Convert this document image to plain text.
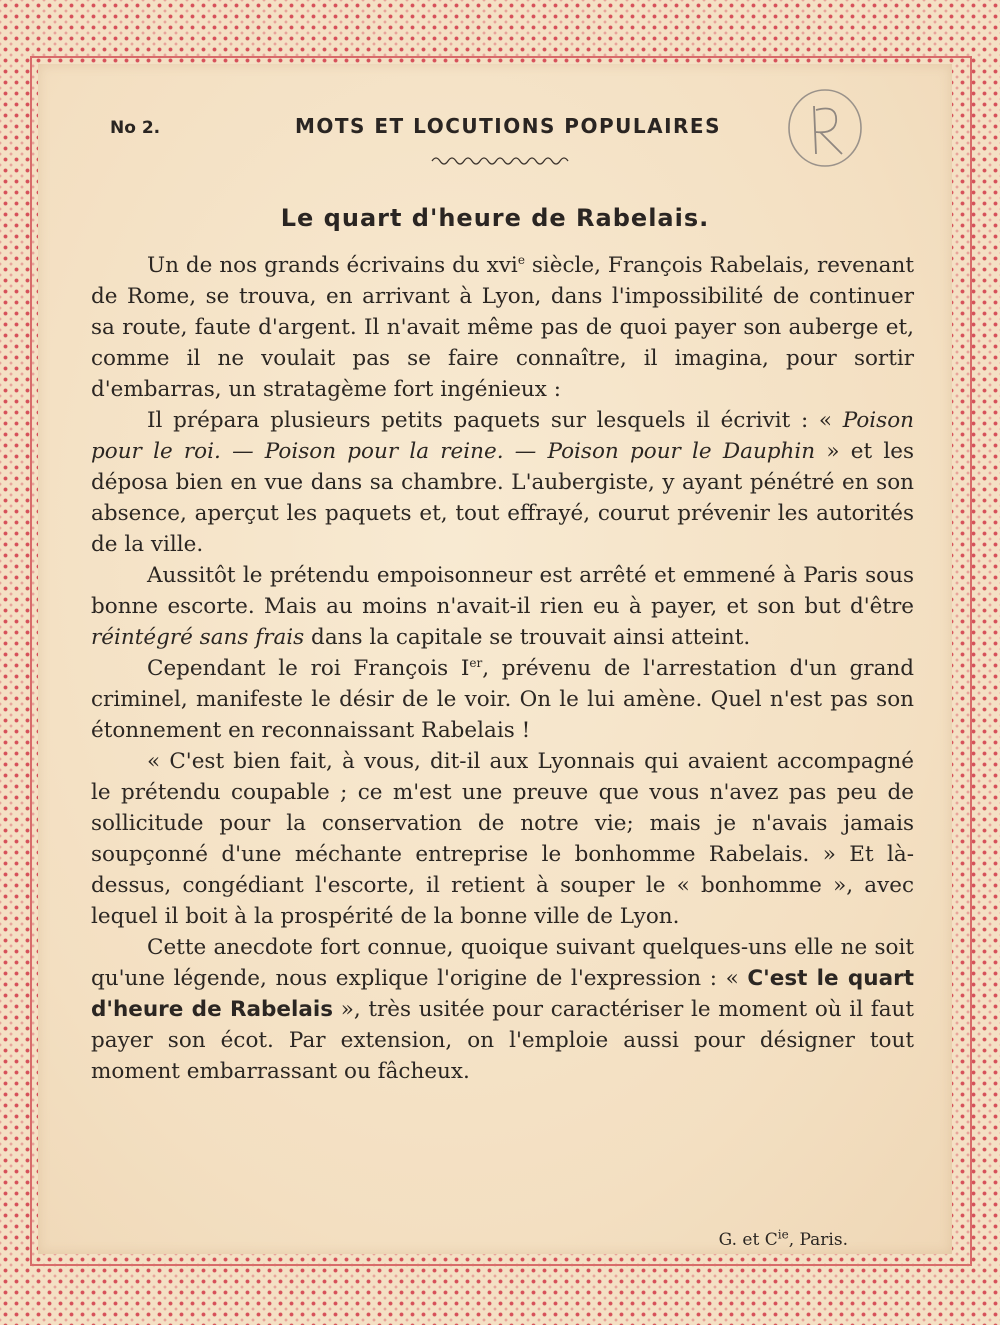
No 2.	MOTS ET LOCUTIONS POPULAIRES
Le quart d'heure de Rabelais.

Un de nos grands écrivains du xvi$^e$ siècle, François Rabelais, revenant de Rome, se trouva, en arrivant à Lyon, dans l'impossibilité de continuer sa route, faute d'argent. Il n'avait même pas de quoi payer son auberge et, comme il ne voulait pas se faire connaître, il imagina, pour sortir d'embarras, un stratagème fort ingénieux :

Il prépara plusieurs petits paquets sur lesquels il écrivit : « Poison pour le roi. — Poison pour la reine. — Poison pour le Dauphin » et les déposa bien en vue dans sa chambre. L'aubergiste, y ayant pénétré en son absence, aperçut les paquets et, tout effrayé, courut prévenir les autorités de la ville.

Aussitôt le prétendu empoisonneur est arrêté et emmené à Paris sous bonne escorte. Mais au moins n'avait-il rien eu à payer, et son but d'être réintégré sans frais dans la capitale se trouvait ainsi atteint.

Cependant le roi François Ier, prévenu de l'arrestation d'un grand criminel, manifeste le désir de le voir. On le lui amène. Quel n'est pas son étonnement en reconnaissant Rabelais !

« C'est bien fait, à vous, dit-il aux Lyonnais qui avaient accompagné le prétendu coupable ; ce m'est une preuve que vous n'avez pas peu de sollicitude pour la conservation de notre vie; mais je n'avais jamais soupçonné d'une méchante entreprise le bonhomme Rabelais. » Et là-dessus, congédiant l'escorte, il retient à souper le « bonhomme », avec lequel il boit à la prospérité de la bonne ville de Lyon.

Cette anecdote fort connue, quoique suivant quelques-uns elle ne soit qu'une légende, nous explique l'origine de l'expression : « C'est le quart d'heure de Rabelais », très usitée pour caractériser le moment où il faut payer son écot. Par extension, on l'emploie aussi pour désigner tout moment embarrassant ou fâcheux.

G. et $C^{ie}$, Paris.
